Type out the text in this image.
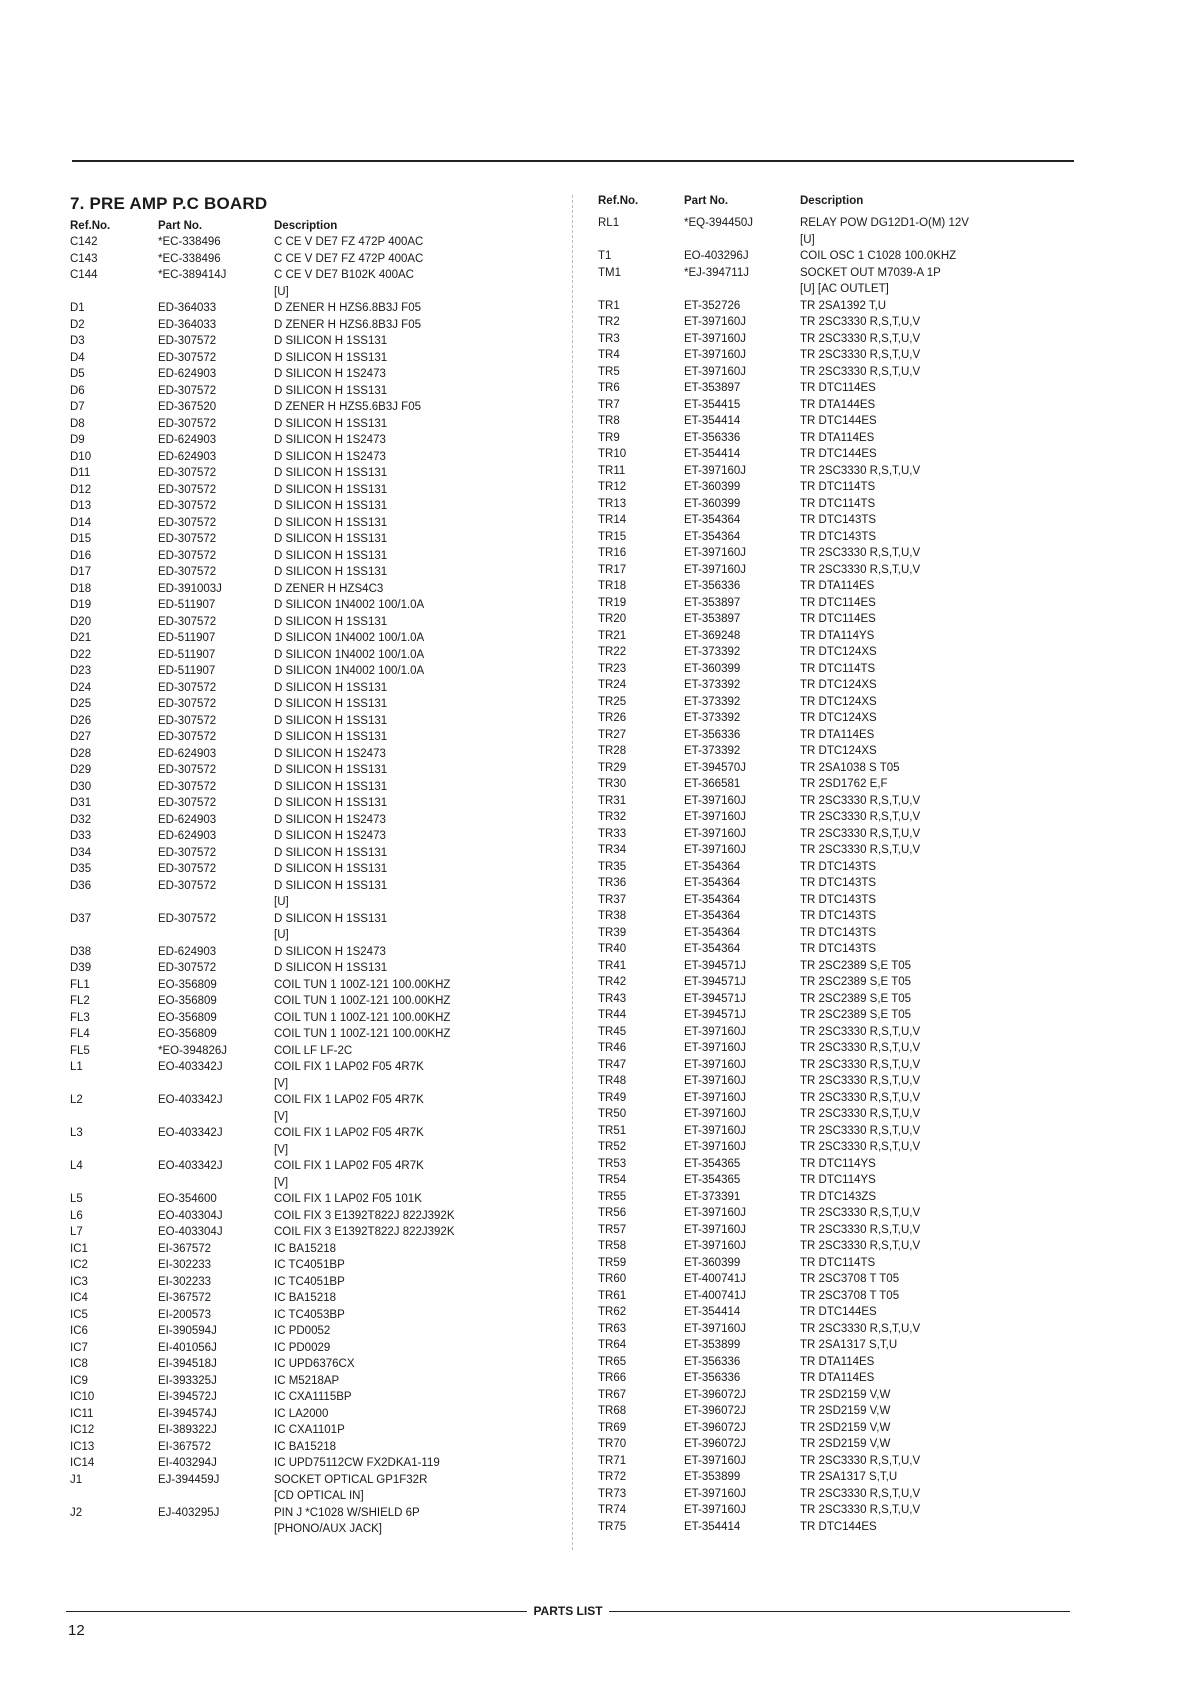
7. PRE AMP P.C BOARD
Ref.No.	Part No.	Description
C142	*EC-338496	C CE V DE7 FZ 472P 400AC
C143	*EC-338496	C CE V DE7 FZ 472P 400AC
C144	*EC-389414J	C CE V DE7 B102K 400AC
[U]
D1	ED-364033	D ZENER H HZS6.8B3J F05
D2	ED-364033	D ZENER H HZS6.8B3J F05
D3	ED-307572	D SILICON H 1SS131
D4	ED-307572	D SILICON H 1SS131
D5	ED-624903	D SILICON H 1S2473
D6	ED-307572	D SILICON H 1SS131
D7	ED-367520	D ZENER H HZS5.6B3J F05
D8	ED-307572	D SILICON H 1SS131
D9	ED-624903	D SILICON H 1S2473
D10	ED-624903	D SILICON H 1S2473
D11	ED-307572	D SILICON H 1SS131
D12	ED-307572	D SILICON H 1SS131
D13	ED-307572	D SILICON H 1SS131
D14	ED-307572	D SILICON H 1SS131
D15	ED-307572	D SILICON H 1SS131
D16	ED-307572	D SILICON H 1SS131
D17	ED-307572	D SILICON H 1SS131
D18	ED-391003J	D ZENER H HZS4C3
D19	ED-511907	D SILICON 1N4002 100/1.0A
D20	ED-307572	D SILICON H 1SS131
D21	ED-511907	D SILICON 1N4002 100/1.0A
D22	ED-511907	D SILICON 1N4002 100/1.0A
D23	ED-511907	D SILICON 1N4002 100/1.0A
D24	ED-307572	D SILICON H 1SS131
D25	ED-307572	D SILICON H 1SS131
D26	ED-307572	D SILICON H 1SS131
D27	ED-307572	D SILICON H 1SS131
D28	ED-624903	D SILICON H 1S2473
D29	ED-307572	D SILICON H 1SS131
D30	ED-307572	D SILICON H 1SS131
D31	ED-307572	D SILICON H 1SS131
D32	ED-624903	D SILICON H 1S2473
D33	ED-624903	D SILICON H 1S2473
D34	ED-307572	D SILICON H 1SS131
D35	ED-307572	D SILICON H 1SS131
D36	ED-307572	D SILICON H 1SS131
[U]
D37	ED-307572	D SILICON H 1SS131
[U]
D38	ED-624903	D SILICON H 1S2473
D39	ED-307572	D SILICON H 1SS131
FL1	EO-356809	COIL TUN 1 100Z-121 100.00KHZ
FL2	EO-356809	COIL TUN 1 100Z-121 100.00KHZ
FL3	EO-356809	COIL TUN 1 100Z-121 100.00KHZ
FL4	EO-356809	COIL TUN 1 100Z-121 100.00KHZ
FL5	*EO-394826J	COIL LF LF-2C
L1	EO-403342J	COIL FIX 1 LAP02 F05 4R7K
[V]
L2	EO-403342J	COIL FIX 1 LAP02 F05 4R7K
[V]
L3	EO-403342J	COIL FIX 1 LAP02 F05 4R7K
[V]
L4	EO-403342J	COIL FIX 1 LAP02 F05 4R7K
[V]
L5	EO-354600	COIL FIX 1 LAP02 F05 101K
L6	EO-403304J	COIL FIX 3 E1392T822J 822J392K
L7	EO-403304J	COIL FIX 3 E1392T822J 822J392K
IC1	EI-367572	IC BA15218
IC2	EI-302233	IC TC4051BP
IC3	EI-302233	IC TC4051BP
IC4	EI-367572	IC BA15218
IC5	EI-200573	IC TC4053BP
IC6	EI-390594J	IC PD0052
IC7	EI-401056J	IC PD0029
IC8	EI-394518J	IC UPD6376CX
IC9	EI-393325J	IC M5218AP
IC10	EI-394572J	IC CXA1115BP
IC11	EI-394574J	IC LA2000
IC12	EI-389322J	IC CXA1101P
IC13	EI-367572	IC BA15218
IC14	EI-403294J	IC UPD75112CW FX2DKA1-119
J1	EJ-394459J	SOCKET OPTICAL GP1F32R
[CD OPTICAL IN]
J2	EJ-403295J	PIN J *C1028 W/SHIELD 6P
[PHONO/AUX JACK]
Ref.No.	Part No.	Description
RL1	*EQ-394450J	RELAY POW DG12D1-O(M) 12V
[U]
T1	EO-403296J	COIL OSC 1 C1028 100.0KHZ
TM1	*EJ-394711J	SOCKET OUT M7039-A 1P
[U] [AC OUTLET]
TR1	ET-352726	TR 2SA1392 T,U
TR2	ET-397160J	TR 2SC3330 R,S,T,U,V
TR3	ET-397160J	TR 2SC3330 R,S,T,U,V
TR4	ET-397160J	TR 2SC3330 R,S,T,U,V
TR5	ET-397160J	TR 2SC3330 R,S,T,U,V
TR6	ET-353897	TR DTC114ES
TR7	ET-354415	TR DTA144ES
TR8	ET-354414	TR DTC144ES
TR9	ET-356336	TR DTA114ES
TR10	ET-354414	TR DTC144ES
TR11	ET-397160J	TR 2SC3330 R,S,T,U,V
TR12	ET-360399	TR DTC114TS
TR13	ET-360399	TR DTC114TS
TR14	ET-354364	TR DTC143TS
TR15	ET-354364	TR DTC143TS
TR16	ET-397160J	TR 2SC3330 R,S,T,U,V
TR17	ET-397160J	TR 2SC3330 R,S,T,U,V
TR18	ET-356336	TR DTA114ES
TR19	ET-353897	TR DTC114ES
TR20	ET-353897	TR DTC114ES
TR21	ET-369248	TR DTA114YS
TR22	ET-373392	TR DTC124XS
TR23	ET-360399	TR DTC114TS
TR24	ET-373392	TR DTC124XS
TR25	ET-373392	TR DTC124XS
TR26	ET-373392	TR DTC124XS
TR27	ET-356336	TR DTA114ES
TR28	ET-373392	TR DTC124XS
TR29	ET-394570J	TR 2SA1038 S T05
TR30	ET-366581	TR 2SD1762 E,F
TR31	ET-397160J	TR 2SC3330 R,S,T,U,V
TR32	ET-397160J	TR 2SC3330 R,S,T,U,V
TR33	ET-397160J	TR 2SC3330 R,S,T,U,V
TR34	ET-397160J	TR 2SC3330 R,S,T,U,V
TR35	ET-354364	TR DTC143TS
TR36	ET-354364	TR DTC143TS
TR37	ET-354364	TR DTC143TS
TR38	ET-354364	TR DTC143TS
TR39	ET-354364	TR DTC143TS
TR40	ET-354364	TR DTC143TS
TR41	ET-394571J	TR 2SC2389 S,E T05
TR42	ET-394571J	TR 2SC2389 S,E T05
TR43	ET-394571J	TR 2SC2389 S,E T05
TR44	ET-394571J	TR 2SC2389 S,E T05
TR45	ET-397160J	TR 2SC3330 R,S,T,U,V
TR46	ET-397160J	TR 2SC3330 R,S,T,U,V
TR47	ET-397160J	TR 2SC3330 R,S,T,U,V
TR48	ET-397160J	TR 2SC3330 R,S,T,U,V
TR49	ET-397160J	TR 2SC3330 R,S,T,U,V
TR50	ET-397160J	TR 2SC3330 R,S,T,U,V
TR51	ET-397160J	TR 2SC3330 R,S,T,U,V
TR52	ET-397160J	TR 2SC3330 R,S,T,U,V
TR53	ET-354365	TR DTC114YS
TR54	ET-354365	TR DTC114YS
TR55	ET-373391	TR DTC143ZS
TR56	ET-397160J	TR 2SC3330 R,S,T,U,V
TR57	ET-397160J	TR 2SC3330 R,S,T,U,V
TR58	ET-397160J	TR 2SC3330 R,S,T,U,V
TR59	ET-360399	TR DTC114TS
TR60	ET-400741J	TR 2SC3708 T T05
TR61	ET-400741J	TR 2SC3708 T T05
TR62	ET-354414	TR DTC144ES
TR63	ET-397160J	TR 2SC3330 R,S,T,U,V
TR64	ET-353899	TR 2SA1317 S,T,U
TR65	ET-356336	TR DTA114ES
TR66	ET-356336	TR DTA114ES
TR67	ET-396072J	TR 2SD2159 V,W
TR68	ET-396072J	TR 2SD2159 V,W
TR69	ET-396072J	TR 2SD2159 V,W
TR70	ET-396072J	TR 2SD2159 V,W
TR71	ET-397160J	TR 2SC3330 R,S,T,U,V
TR72	ET-353899	TR 2SA1317 S,T,U
TR73	ET-397160J	TR 2SC3330 R,S,T,U,V
TR74	ET-397160J	TR 2SC3330 R,S,T,U,V
TR75	ET-354414	TR DTC144ES
PARTS LIST
12
